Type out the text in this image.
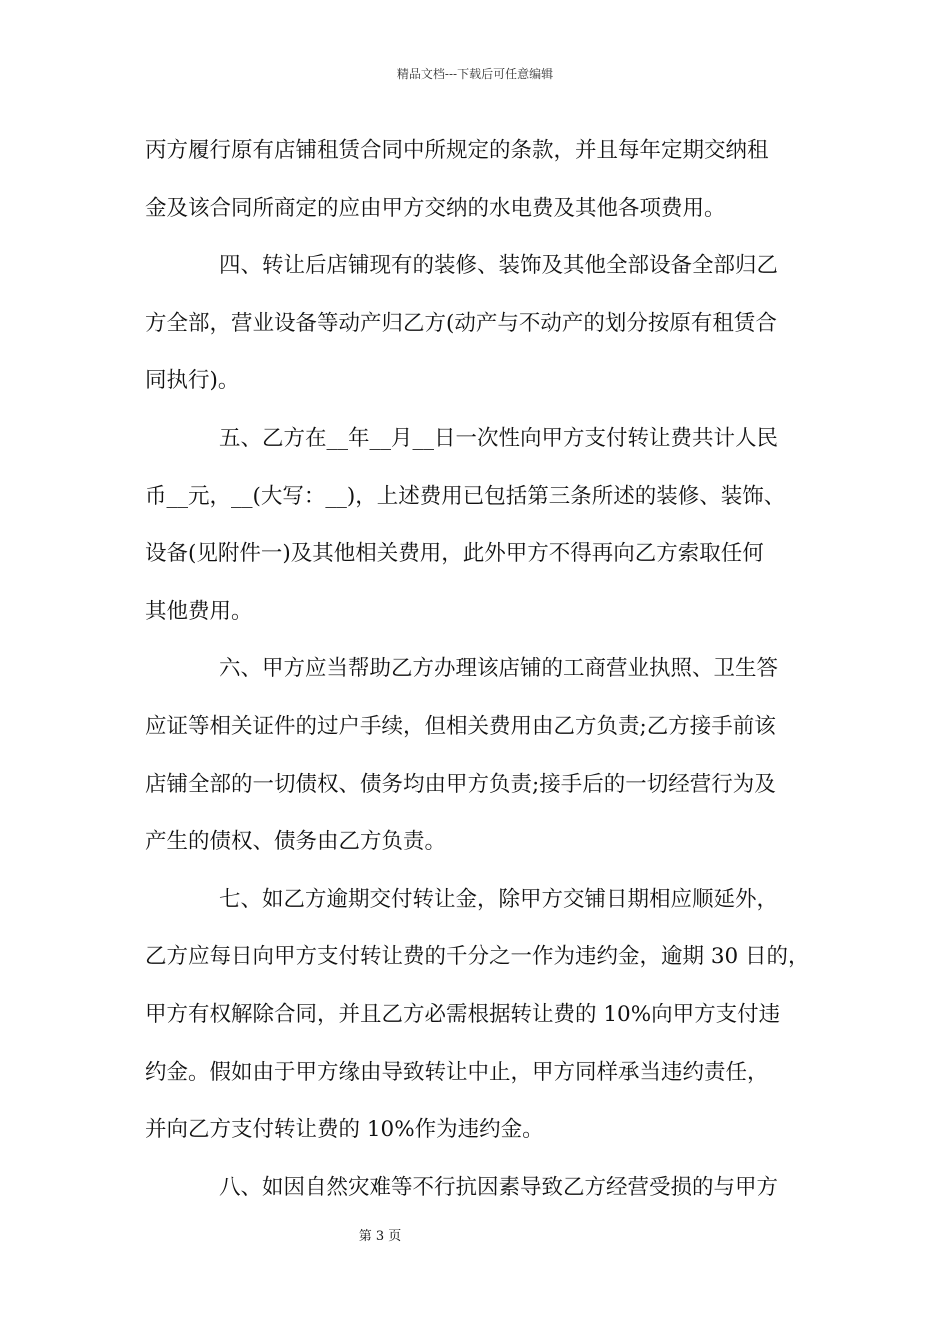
精品文档---下载后可任意编辑
丙方履行原有店铺租赁合同中所规定的条款，并且每年定期交纳租
金及该合同所商定的应由甲方交纳的水电费及其他各项费用。
四、转让后店铺现有的装修、装饰及其他全部设备全部归乙
方全部，营业设备等动产归乙方(动产与不动产的划分按原有租赁合
同执行)。
五、乙方在__年__月__日一次性向甲方支付转让费共计人民
币__元，__(大写：__)，上述费用已包括第三条所述的装修、装饰、
设备(见附件一)及其他相关费用，此外甲方不得再向乙方索取任何
其他费用。
六、甲方应当帮助乙方办理该店铺的工商营业执照、卫生答
应证等相关证件的过户手续，但相关费用由乙方负责;乙方接手前该
店铺全部的一切债权、债务均由甲方负责;接手后的一切经营行为及
产生的债权、债务由乙方负责。
七、如乙方逾期交付转让金，除甲方交铺日期相应顺延外，
乙方应每日向甲方支付转让费的千分之一作为违约金，逾期 30 日的，
甲方有权解除合同，并且乙方必需根据转让费的 10%向甲方支付违
约金。假如由于甲方缘由导致转让中止，甲方同样承当违约责任，
并向乙方支付转让费的 10%作为违约金。
八、如因自然灾难等不行抗因素导致乙方经营受损的与甲方
第 3 页
